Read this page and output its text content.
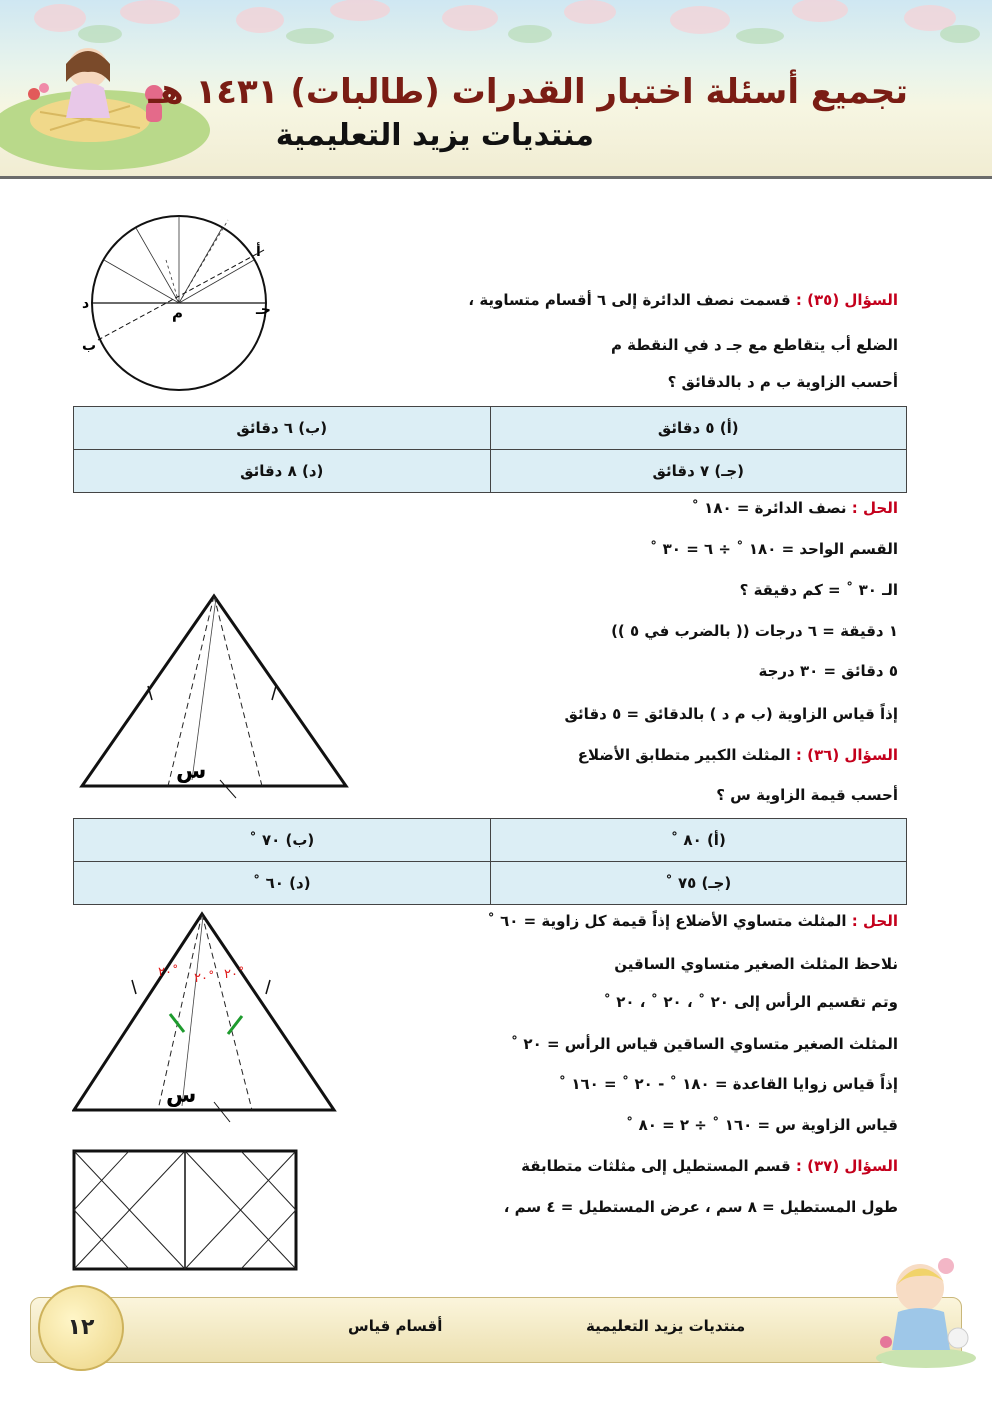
تجميع أسئلة اختبار القدرات (طالبات) ١٤٣١ هـ
منتديات يزيد التعليمية
أ
ب
جـ
د	م
السؤال (٣٥) : قسمت نصف الدائرة إلى ٦ أقسام متساوية ،
الضلع أب يتقاطع مع جـ د في النقطة م
أحسب الزاوية ب م د بالدقائق ؟
(أ) ٥ دقائق	(ب) ٦ دقائق
(جـ) ٧ دقائق	(د) ٨ دقائق
الحل : نصف الدائرة = ١٨٠ ˚
القسم الواحد = ١٨٠ ˚ ÷ ٦ = ٣٠ ˚
الـ ٣٠ ˚ = كم دقيقة ؟
١ دقيقة = ٦ درجات (( بالضرب في ٥ ))
٥ دقائق = ٣٠ درجة
إذاً قياس الزاوية (ب م د ) بالدقائق = ٥ دقائق
س
السؤال (٣٦) : المثلث الكبير متطابق الأضلاع
أحسب قيمة الزاوية س ؟
(أ) ٨٠ ˚	(ب) ٧٠ ˚
(جـ) ٧٥ ˚	(د) ٦٠ ˚
٢٠˚ ٢٠˚ ٢٠˚
س
الحل : المثلث متساوي الأضلاع إذاً قيمة كل زاوية = ٦٠ ˚
نلاحظ المثلث الصغير متساوي الساقين
وتم تقسيم الرأس إلى ٢٠ ˚ ، ٢٠ ˚ ، ٢٠ ˚
المثلث الصغير متساوي الساقين قياس الرأس = ٢٠ ˚
إذاً قياس زوايا القاعدة = ١٨٠ ˚ - ٢٠ ˚ = ١٦٠ ˚
قياس الزاوية س = ١٦٠ ˚ ÷ ٢ = ٨٠ ˚
السؤال (٣٧) : قسم المستطيل إلى مثلثات متطابقة
طول المستطيل = ٨ سم ، عرض المستطيل = ٤ سم ،
١٢	أقسام قياس	منتديات يزيد التعليمية
